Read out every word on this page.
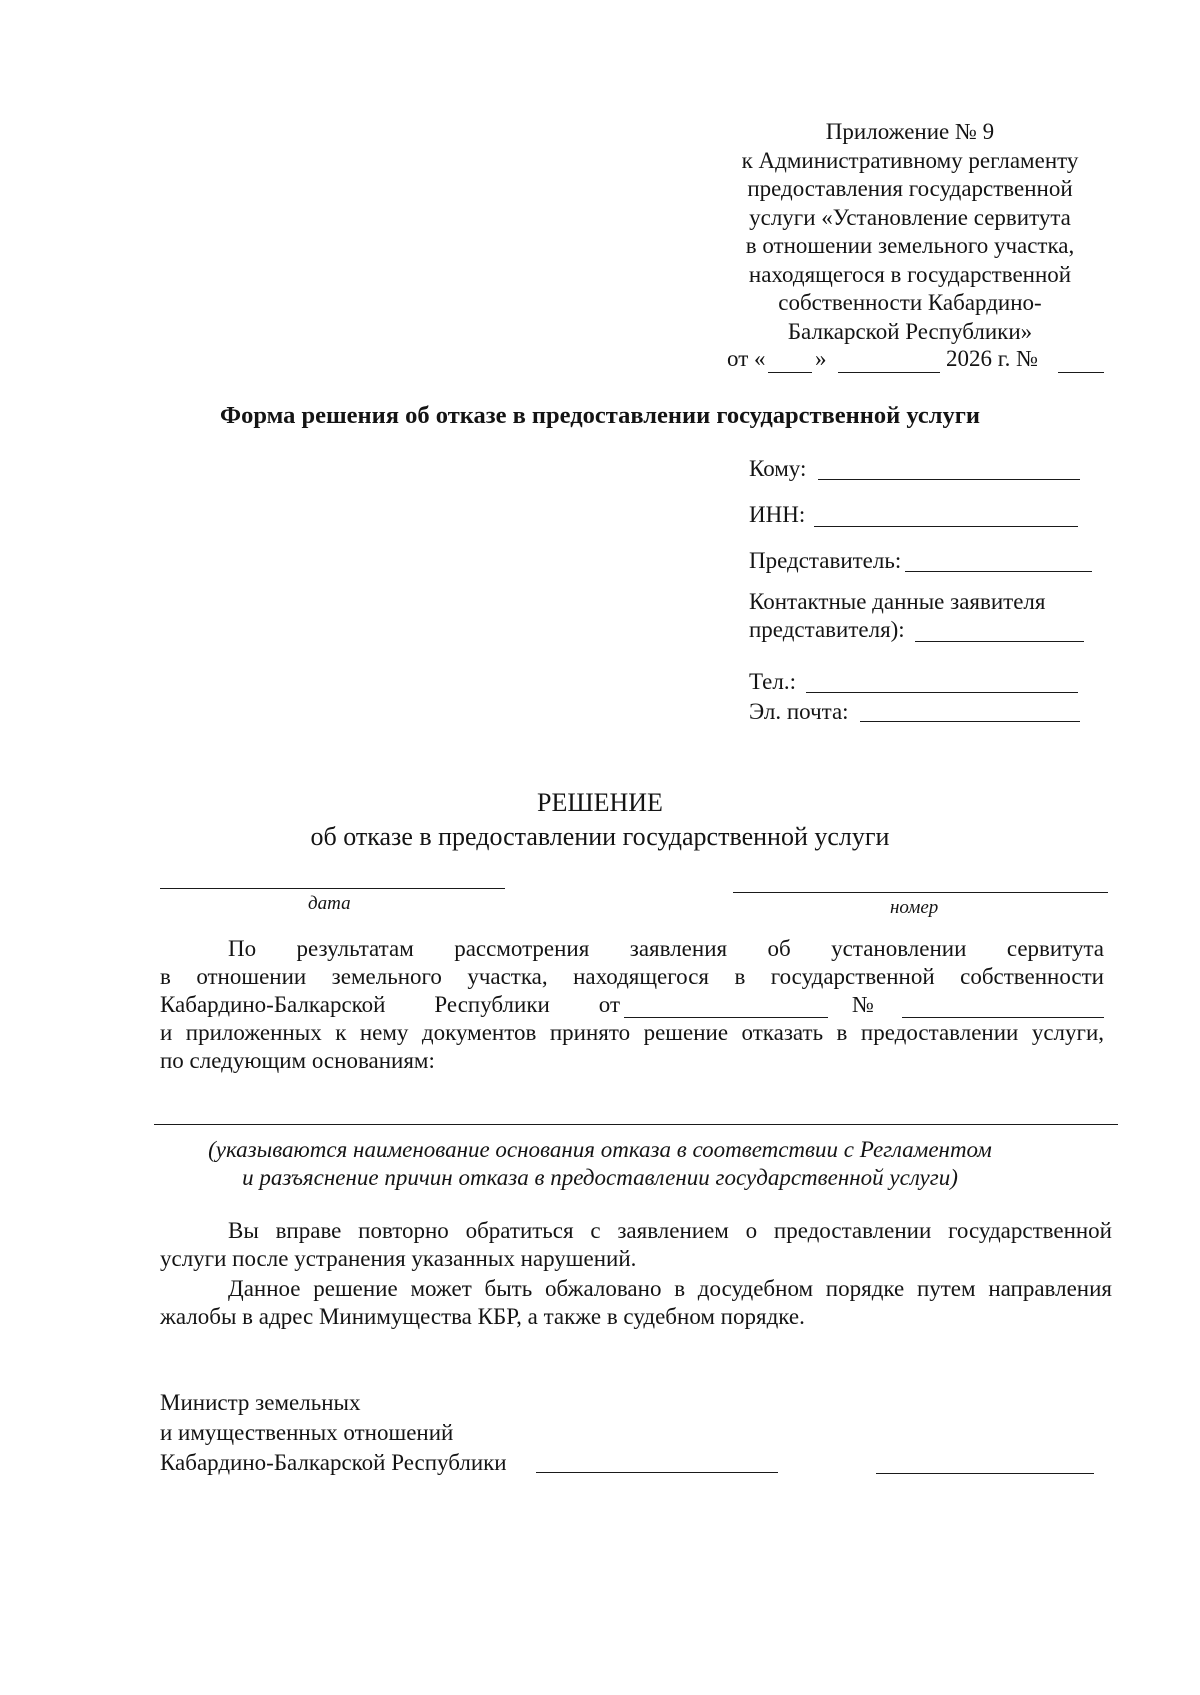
Приложение № 9
к Административному регламенту
предоставления государственной
услуги «Установление сервитута
в отношении земельного участка,
находящегося в государственной
собственности Кабардино-
Балкарской Республики»
от « »	2026 г. №
Форма решения об отказе в предоставлении государственной услуги
Кому:
ИНН:
Представитель:
Контактные данные заявителя
представителя):
Тел.:
Эл. почта:
РЕШЕНИЕ
об отказе в предоставлении государственной услуги
дата	номер
По результатам рассмотрения заявления об установлении сервитута
в отношении земельного участка, находящегося в государственной собственности
Кабардино-Балкарской Республики от	№
и приложенных к нему документов принято решение отказать в предоставлении услуги,
по следующим основаниям:
(указываются наименование основания отказа в соответствии с Регламентом
и разъяснение причин отказа в предоставлении государственной услуги)
Вы вправе повторно обратиться с заявлением о предоставлении государственной
услуги после устранения указанных нарушений.
Данное решение может быть обжаловано в досудебном порядке путем направления
жалобы в адрес Минимущества КБР, а также в судебном порядке.
Министр земельных
и имущественных отношений
Кабардино-Балкарской Республики
